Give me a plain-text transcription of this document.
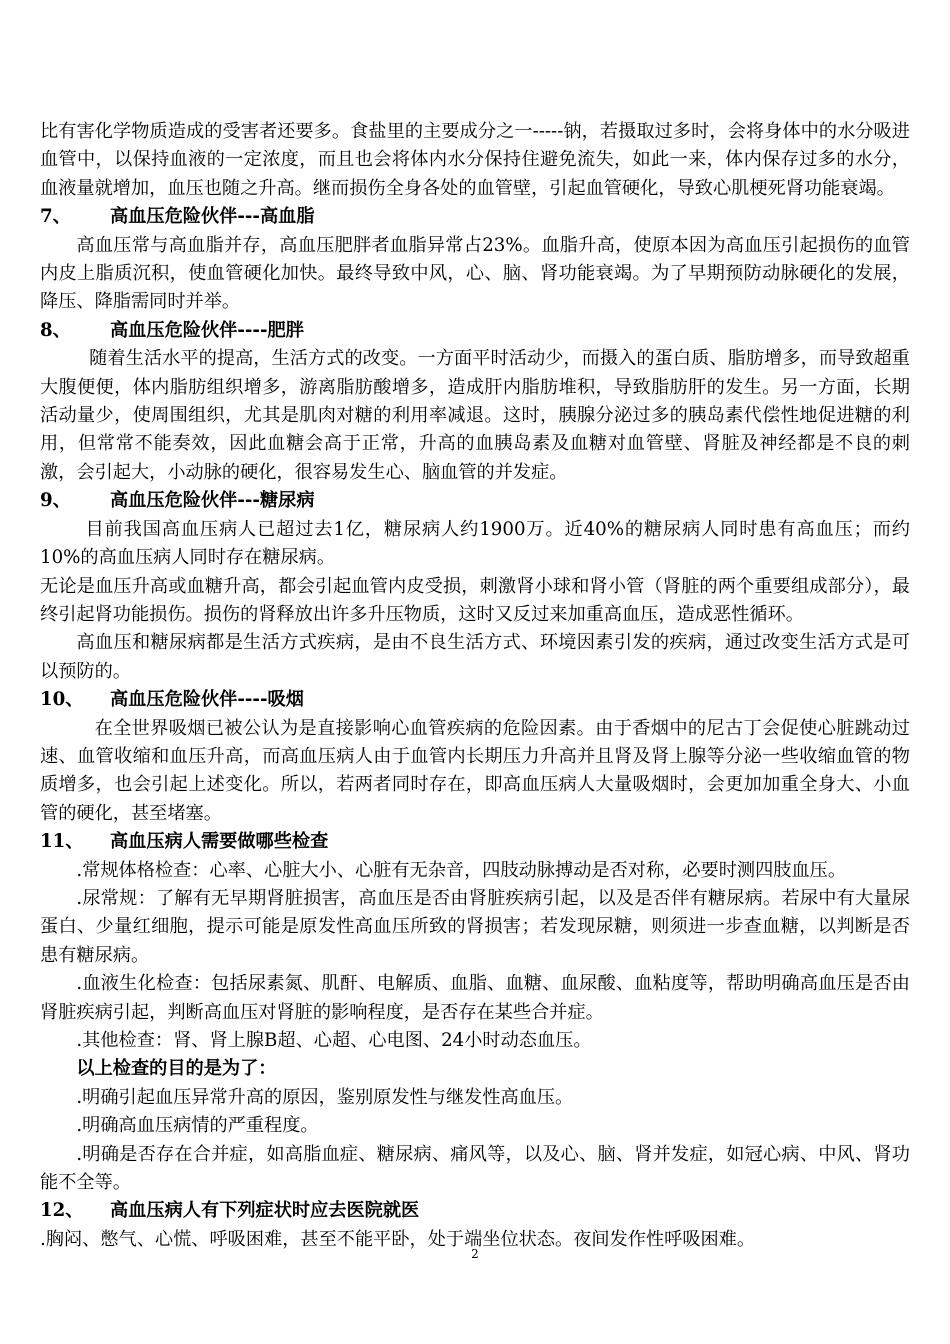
比有害化学物质造成的受害者还要多。食盐里的主要成分之一-----钠，若摄取过多时，会将身体中的水分吸进血管中，以保持血液的一定浓度，而且也会将体内水分保持住避免流失，如此一来，体内保存过多的水分，血液量就增加，血压也随之升高。继而损伤全身各处的血管壁，引起血管硬化，导致心肌梗死肾功能衰竭。

7、 高血压危险伙伴---高血脂

高血压常与高血脂并存，高血压肥胖者血脂异常占23%。血脂升高，使原本因为高血压引起损伤的血管内皮上脂质沉积，使血管硬化加快。最终导致中风，心、脑、肾功能衰竭。为了早期预防动脉硬化的发展，降压、降脂需同时并举。

8、 高血压危险伙伴----肥胖

随着生活水平的提高，生活方式的改变。一方面平时活动少，而摄入的蛋白质、脂肪增多，而导致超重大腹便便，体内脂肪组织增多，游离脂肪酸增多，造成肝内脂肪堆积，导致脂肪肝的发生。另一方面，长期活动量少，使周围组织，尤其是肌肉对糖的利用率减退。这时，胰腺分泌过多的胰岛素代偿性地促进糖的利用，但常常不能奏效，因此血糖会高于正常，升高的血胰岛素及血糖对血管壁、肾脏及神经都是不良的刺激，会引起大，小动脉的硬化，很容易发生心、脑血管的并发症。

9、 高血压危险伙伴---糖尿病

目前我国高血压病人已超过去1亿，糖尿病人约1900万。近40%的糖尿病人同时患有高血压；而约10%的高血压病人同时存在糖尿病。

无论是血压升高或血糖升高，都会引起血管内皮受损，刺激肾小球和肾小管（肾脏的两个重要组成部分），最终引起肾功能损伤。损伤的肾释放出许多升压物质，这时又反过来加重高血压，造成恶性循环。

高血压和糖尿病都是生活方式疾病，是由不良生活方式、环境因素引发的疾病，通过改变生活方式是可以预防的。

10、 高血压危险伙伴----吸烟

在全世界吸烟已被公认为是直接影响心血管疾病的危险因素。由于香烟中的尼古丁会促使心脏跳动过速、血管收缩和血压升高，而高血压病人由于血管内长期压力升高并且肾及肾上腺等分泌一些收缩血管的物质增多，也会引起上述变化。所以，若两者同时存在，即高血压病人大量吸烟时，会更加加重全身大、小血管的硬化，甚至堵塞。

11、 高血压病人需要做哪些检查

.常规体格检查：心率、心脏大小、心脏有无杂音，四肢动脉搏动是否对称，必要时测四肢血压。

.尿常规：了解有无早期肾脏损害，高血压是否由肾脏疾病引起，以及是否伴有糖尿病。若尿中有大量尿蛋白、少量红细胞，提示可能是原发性高血压所致的肾损害；若发现尿糖，则须进一步查血糖，以判断是否患有糖尿病。

.血液生化检查：包括尿素氮、肌酐、电解质、血脂、血糖、血尿酸、血粘度等，帮助明确高血压是否由肾脏疾病引起，判断高血压对肾脏的影响程度，是否存在某些合并症。

.其他检查：肾、肾上腺B超、心超、心电图、24小时动态血压。

以上检查的目的是为了：

.明确引起血压异常升高的原因，鉴别原发性与继发性高血压。

.明确高血压病情的严重程度。

.明确是否存在合并症，如高脂血症、糖尿病、痛风等，以及心、脑、肾并发症，如冠心病、中风、肾功能不全等。

12、 高血压病人有下列症状时应去医院就医

.胸闷、憋气、心慌、呼吸困难，甚至不能平卧，处于端坐位状态。夜间发作性呼吸困难。

2
